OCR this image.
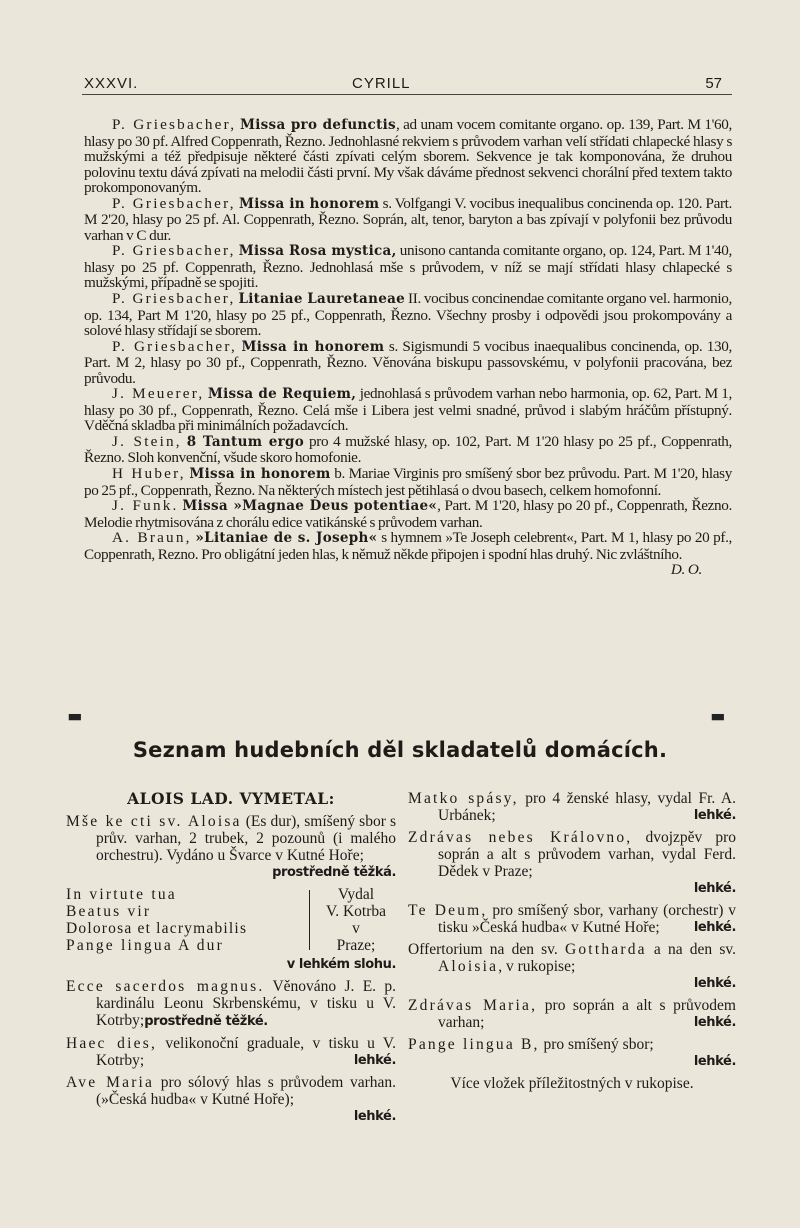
XXXVI.	CYRILL	57

P. Griesbacher, Missa pro defunctis, ad unam vocem comitante organo. op. 139, Part. M 1'60, hlasy po 30 pf. Alfred Coppenrath, Řezno. Jednohlasné rekviem s průvodem varhan velí střídati chlapecké hlasy s mužskými a též předpisuje některé části zpívati celým sborem. Sekvence je tak komponována, že druhou polovinu textu dává zpívati na melodii části první. My však dáváme přednost sekvenci chorální před textem takto prokomponovaným.

P. Griesbacher, Missa in honorem s. Volfgangi V. vocibus inequalibus concinenda op. 120. Part. M 2'20, hlasy po 25 pf. Al. Coppenrath, Řezno. Soprán, alt, tenor, baryton a bas zpívají v polyfonii bez průvodu varhan v C dur.

P. Griesbacher, Missa Rosa mystica, unisono cantanda comitante organo, op. 124, Part. M 1'40, hlasy po 25 pf. Coppenrath, Řezno. Jednohlasá mše s průvodem, v níž se mají střídati hlasy chlapecké s mužskými, případně se spojiti.

P. Griesbacher, Litaniae Lauretaneae II. vocibus concinendae comitante organo vel. harmonio, op. 134, Part M 1'20, hlasy po 25 pf., Coppenrath, Řezno. Všechny prosby i odpovědi jsou prokompovány a solové hlasy střídají se sborem.

P. Griesbacher, Missa in honorem s. Sigismundi 5 vocibus inaequalibus concinenda, op. 130, Part. M 2, hlasy po 30 pf., Coppenrath, Řezno. Věnována biskupu passovskému, v polyfonii pracována, bez průvodu.

J. Meuerer, Missa de Requiem, jednohlasá s průvodem varhan nebo harmonia, op. 62, Part. M 1, hlasy po 30 pf., Coppenrath, Řezno. Celá mše i Libera jest velmi snadné, průvod i slabým hráčům přístupný. Vděčná skladba při minimálních požadavcích.

J. Stein, 8 Tantum ergo pro 4 mužské hlasy, op. 102, Part. M 1'20 hlasy po 25 pf., Coppenrath, Řezno. Sloh konvenční, všude skoro homofonie.

H Huber, Missa in honorem b. Mariae Virginis pro smíšený sbor bez průvodu. Part. M 1'20, hlasy po 25 pf., Coppenrath, Řezno. Na některých místech jest pětihlasá o dvou basech, celkem homofonní.

J. Funk. Missa »Magnae Deus potentiae«, Part. M 1'20, hlasy po 20 pf., Coppenrath, Řezno. Melodie rhytmisována z chorálu edice vatikánské s průvodem varhan.

A. Braun, »Litaniae de s. Joseph« s hymnem »Te Joseph celebrent«, Part. M 1, hlasy po 20 pf., Coppenrath, Rezno. Pro obligátní jeden hlas, k němuž někde připojen i spodní hlas druhý. Nic zvláštního.
D. O.

■■	■■
Seznam hudebních děl skladatelů domácích.
ALOIS LAD. VYMETAL:
Mše ke cti sv. Aloisa (Es dur), smíšený sbor s prův. varhan, 2 trubek, 2 pozounů (i malého orchestru). Vydáno u Švarce v Kutné Hoře;
prostředně těžká.
In virtute tua
Beatus vir
Dolorosa et lacrymabilis
Pange lingua A dur
Vydal
V. Kotrba
v
Praze;
v lehkém slohu.
Ecce sacerdos magnus. Věnováno J. E. p. kardinálu Leonu Skrbenskému, v tisku u V. Kotrby;prostředně těžké.
Haec dies, velikonoční graduale, v tisku u V. Kotrby;	lehké.
Ave Maria pro sólový hlas s průvodem varhan. (»Česká hudba« v Kutné Hoře);
lehké.
Matko spásy, pro 4 ženské hlasy, vydal Fr. A. Urbánek;	lehké.
Zdrávas nebes Královno, dvojzpěv pro soprán a alt s průvodem varhan, vydal Ferd. Dědek v Praze;
lehké.
Te Deum, pro smíšený sbor, varhany (orchestr) v tisku »Česká hudba« v Kutné Hoře;	lehké.
Offertorium na den sv. Gottharda a na den sv. Aloisia, v rukopise;
lehké.
Zdrávas Maria, pro soprán a alt s průvodem varhan;	lehké.
Pange lingua B, pro smíšený sbor;
lehké.
Více vložek příležitostných v rukopise.
